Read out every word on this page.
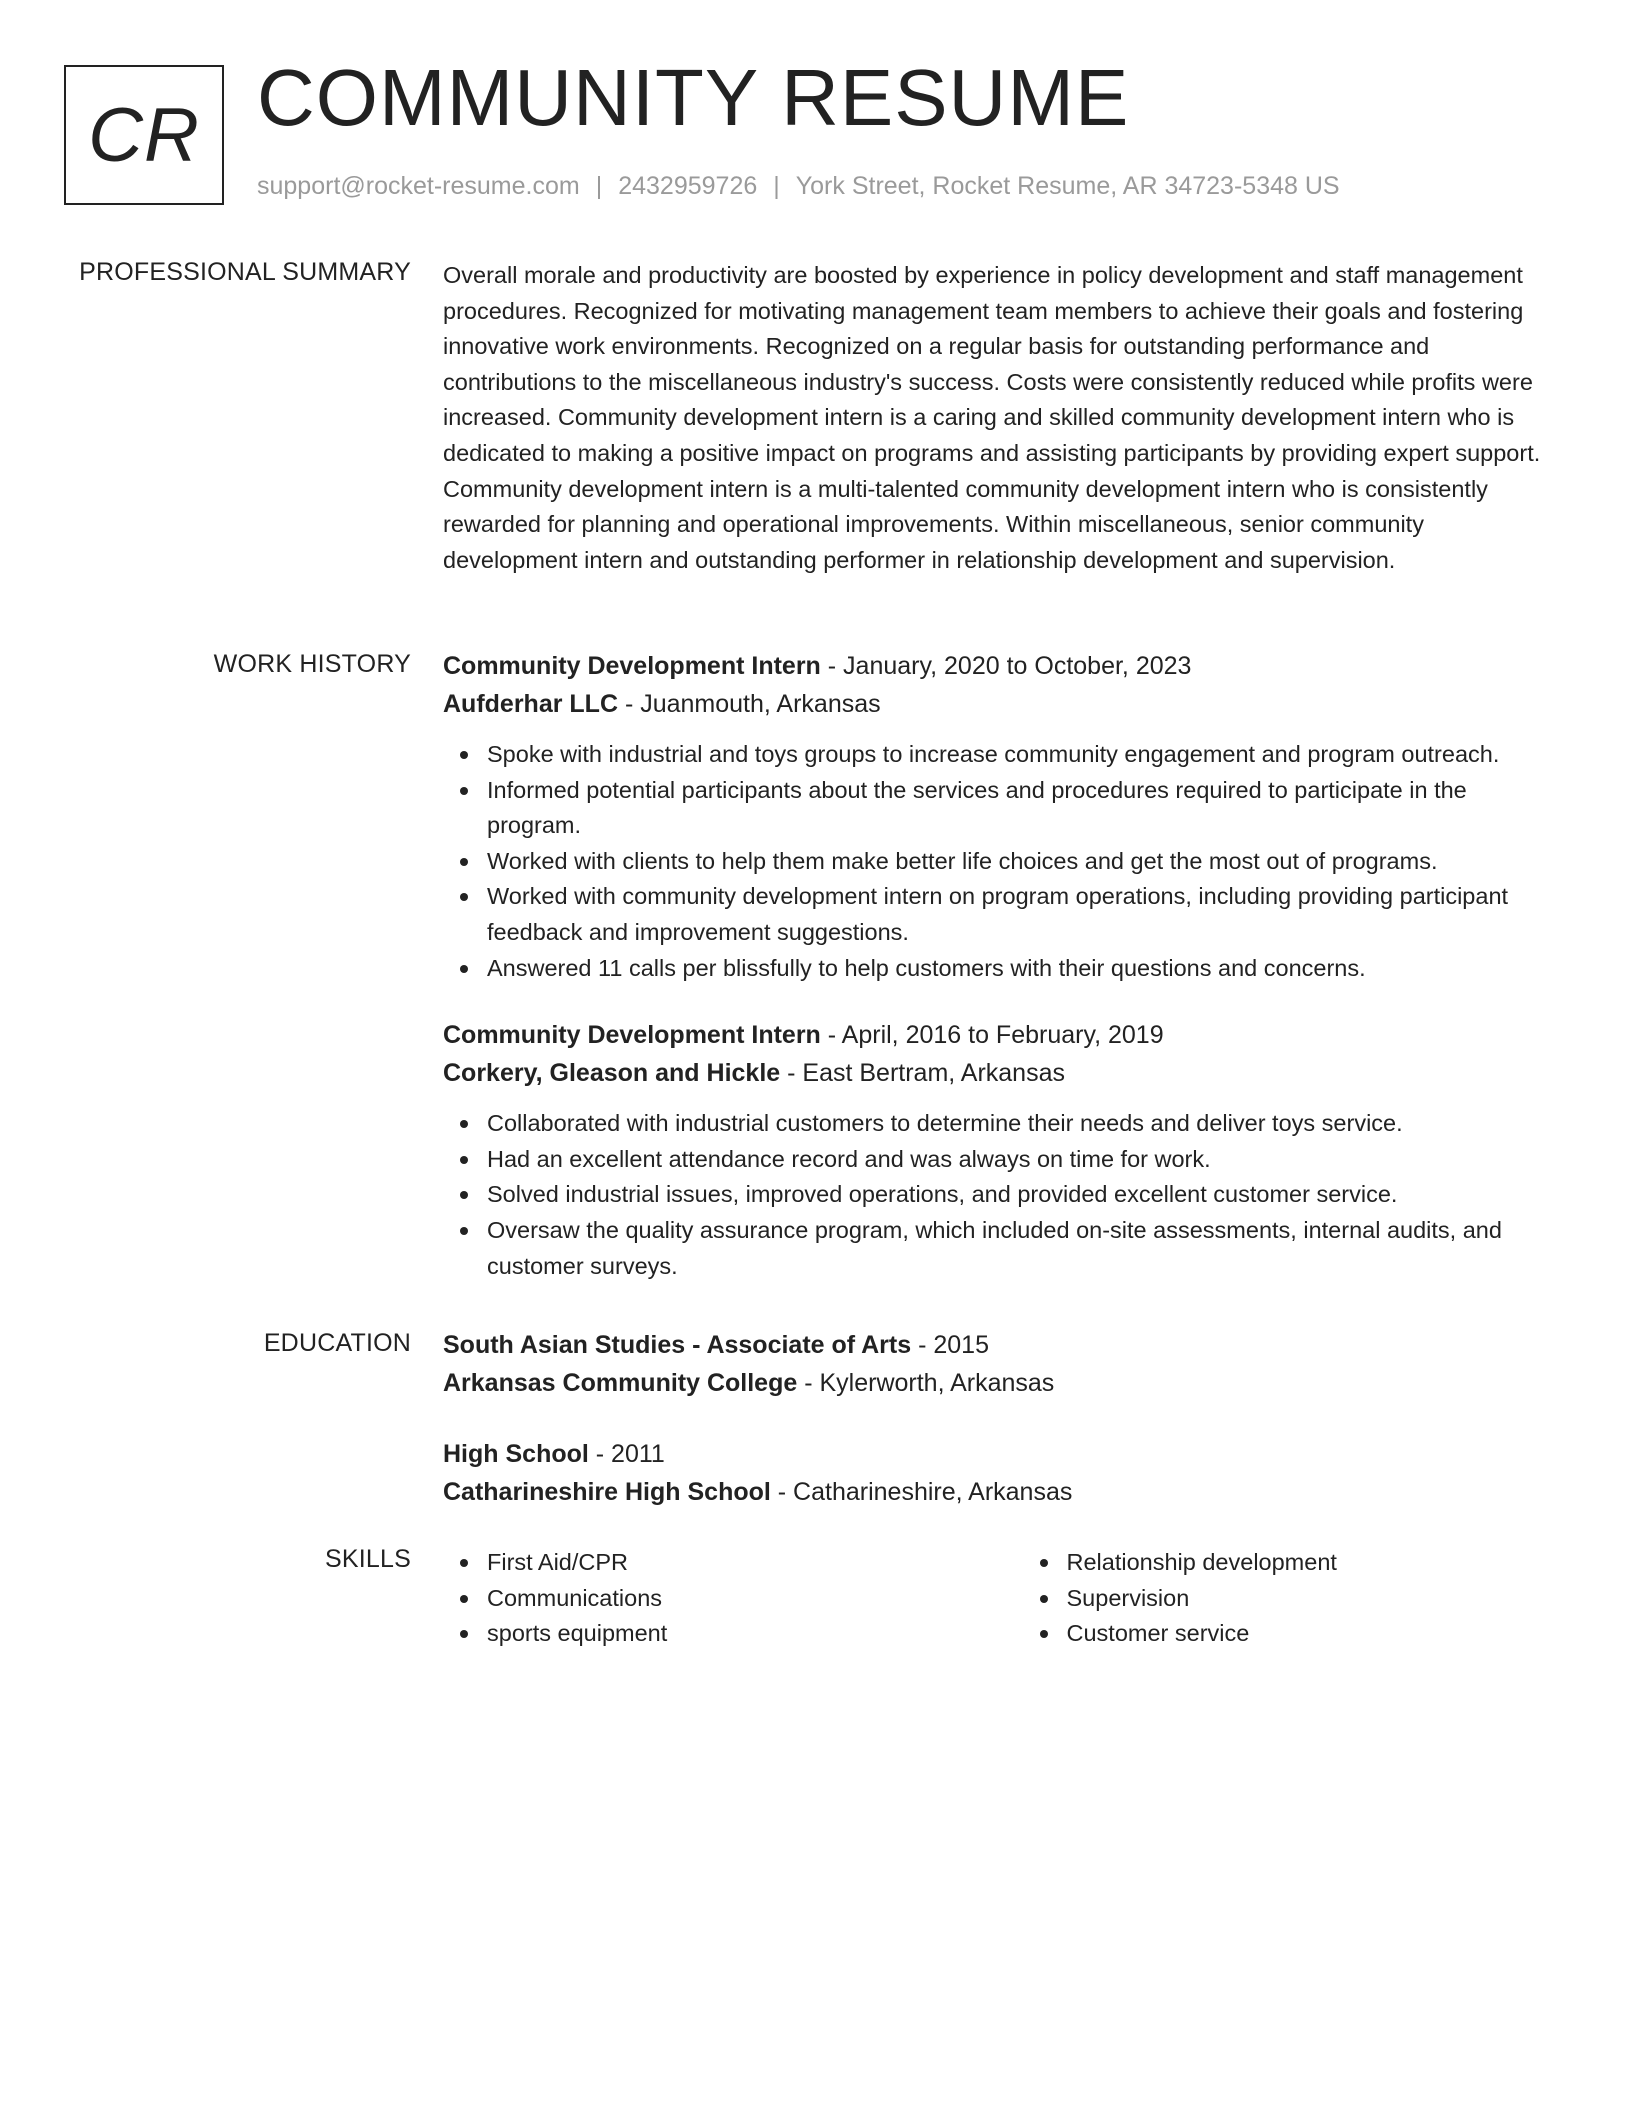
CR COMMUNITY RESUME
support@rocket-resume.com | 2432959726 | York Street, Rocket Resume, AR 34723-5348 US
PROFESSIONAL SUMMARY Overall morale and productivity are boosted by experience in policy development and staff management procedures. Recognized for motivating management team members to achieve their goals and fostering innovative work environments. Recognized on a regular basis for outstanding performance and contributions to the miscellaneous industry's success. Costs were consistently reduced while profits were increased. Community development intern is a caring and skilled community development intern who is dedicated to making a positive impact on programs and assisting participants by providing expert support. Community development intern is a multi-talented community development intern who is consistently rewarded for planning and operational improvements. Within miscellaneous, senior community development intern and outstanding performer in relationship development and supervision.

WORK HISTORY Community Development Intern - January, 2020 to October, 2023
Aufderhar LLC - Juanmouth, Arkansas
Spoke with industrial and toys groups to increase community engagement and program outreach.
Informed potential participants about the services and procedures required to participate in the program.
Worked with clients to help them make better life choices and get the most out of programs.
Worked with community development intern on program operations, including providing participant feedback and improvement suggestions.
Answered 11 calls per blissfully to help customers with their questions and concerns.
Community Development Intern - April, 2016 to February, 2019
Corkery, Gleason and Hickle - East Bertram, Arkansas
Collaborated with industrial customers to determine their needs and deliver toys service.
Had an excellent attendance record and was always on time for work.
Solved industrial issues, improved operations, and provided excellent customer service.
Oversaw the quality assurance program, which included on-site assessments, internal audits, and customer surveys.
EDUCATION South Asian Studies - Associate of Arts - 2015
Arkansas Community College - Kylerworth, Arkansas
High School - 2011
Catharineshire High School - Catharineshire, Arkansas
SKILLS	First Aid/CPR
Communications
sports equipment
Relationship development
Supervision
Customer service
